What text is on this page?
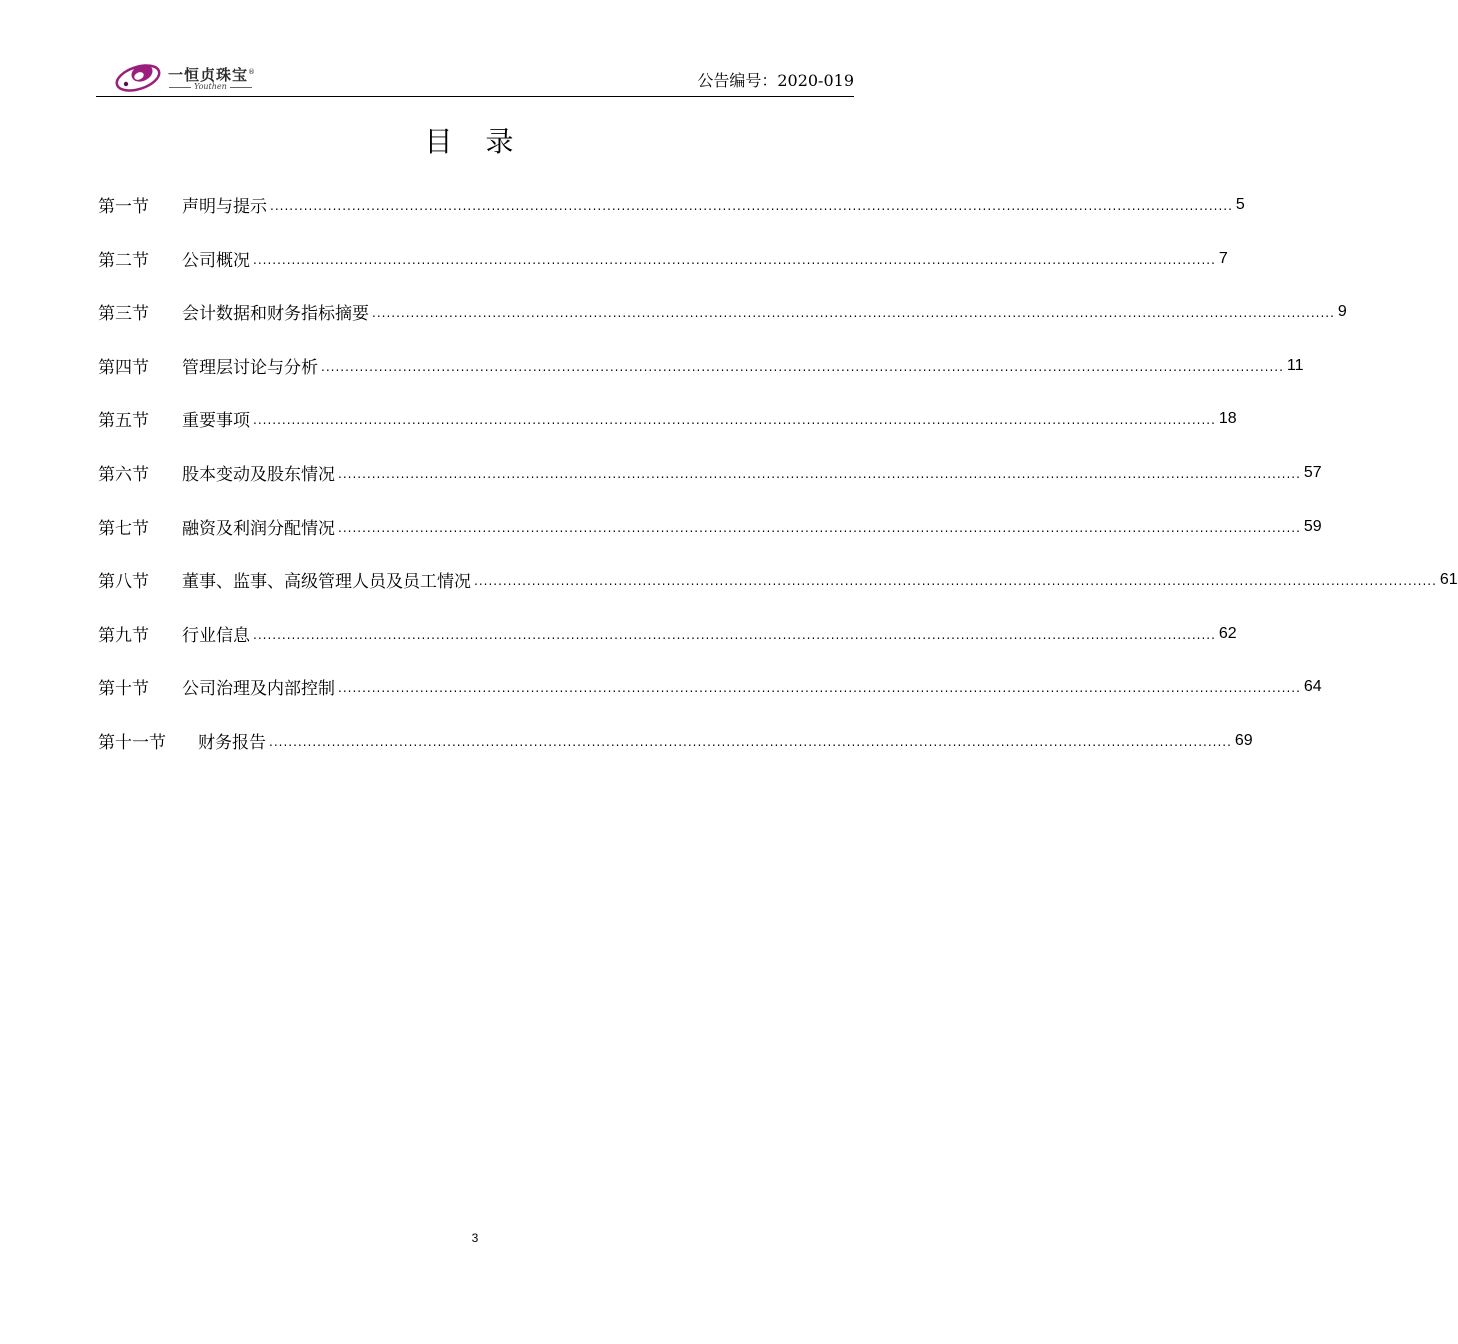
一恒贞珠宝®
Youthen	公告编号：2020-019
目 录
第一节	声明与提示 ........................................................................................................................................................................................................ 5
第二节	公司概况 ........................................................................................................................................................................................................ 7
第三节	会计数据和财务指标摘要 ........................................................................................................................................................................................................ 9
第四节	管理层讨论与分析 ........................................................................................................................................................................................................ 11
第五节	重要事项 ........................................................................................................................................................................................................ 18
第六节	股本变动及股东情况 ........................................................................................................................................................................................................ 57
第七节	融资及利润分配情况 ........................................................................................................................................................................................................ 59
第八节	董事、监事、高级管理人员及员工情况 ........................................................................................................................................................................................................ 61
第九节	行业信息 ........................................................................................................................................................................................................ 62
第十节	公司治理及内部控制 ........................................................................................................................................................................................................ 64
第十一节	财务报告 ........................................................................................................................................................................................................ 69
3
